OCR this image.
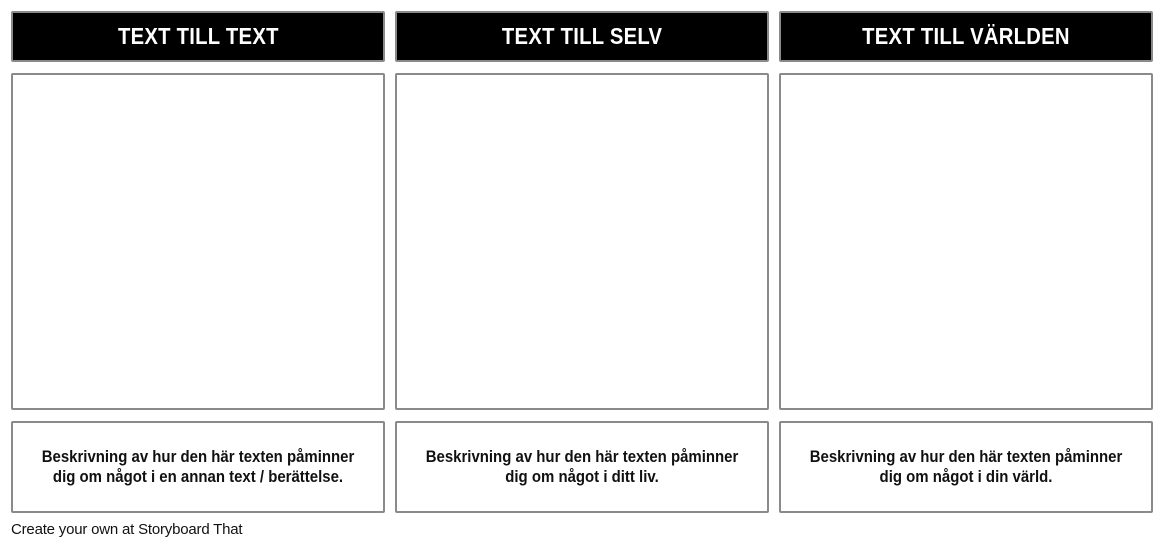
TEXT TILL TEXT
Beskrivning av hur den här texten påminner dig om något i en annan text / berättelse.
TEXT TILL SELV
Beskrivning av hur den här texten påminner dig om något i ditt liv.
TEXT TILL VÄRLDEN
Beskrivning av hur den här texten påminner dig om något i din värld.
Create your own at Storyboard That
